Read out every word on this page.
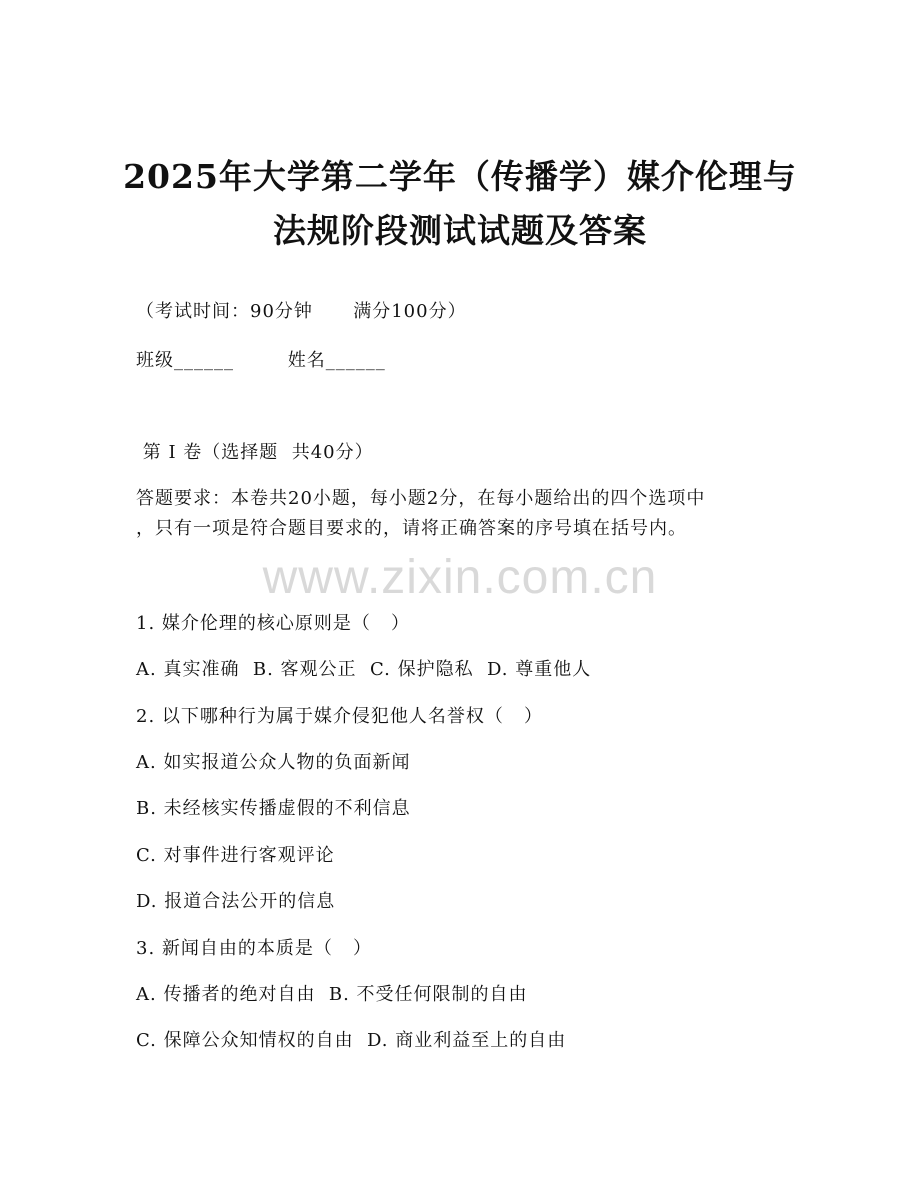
2025年大学第二学年（传播学）媒介伦理与
法规阶段测试试题及答案
（考试时间：90分钟      满分100分）
班级______        姓名______
第 I 卷（选择题  共40分）
答题要求：本卷共20小题，每小题2分，在每小题给出的四个选项中
，只有一项是符合题目要求的，请将正确答案的序号填在括号内。
www.zixin.com.cn
1. 媒介伦理的核心原则是（   ）
A. 真实准确  B. 客观公正  C. 保护隐私  D. 尊重他人
2. 以下哪种行为属于媒介侵犯他人名誉权（   ）
A. 如实报道公众人物的负面新闻
B. 未经核实传播虚假的不利信息
C. 对事件进行客观评论
D. 报道合法公开的信息
3. 新闻自由的本质是（   ）
A. 传播者的绝对自由  B. 不受任何限制的自由
C. 保障公众知情权的自由  D. 商业利益至上的自由
